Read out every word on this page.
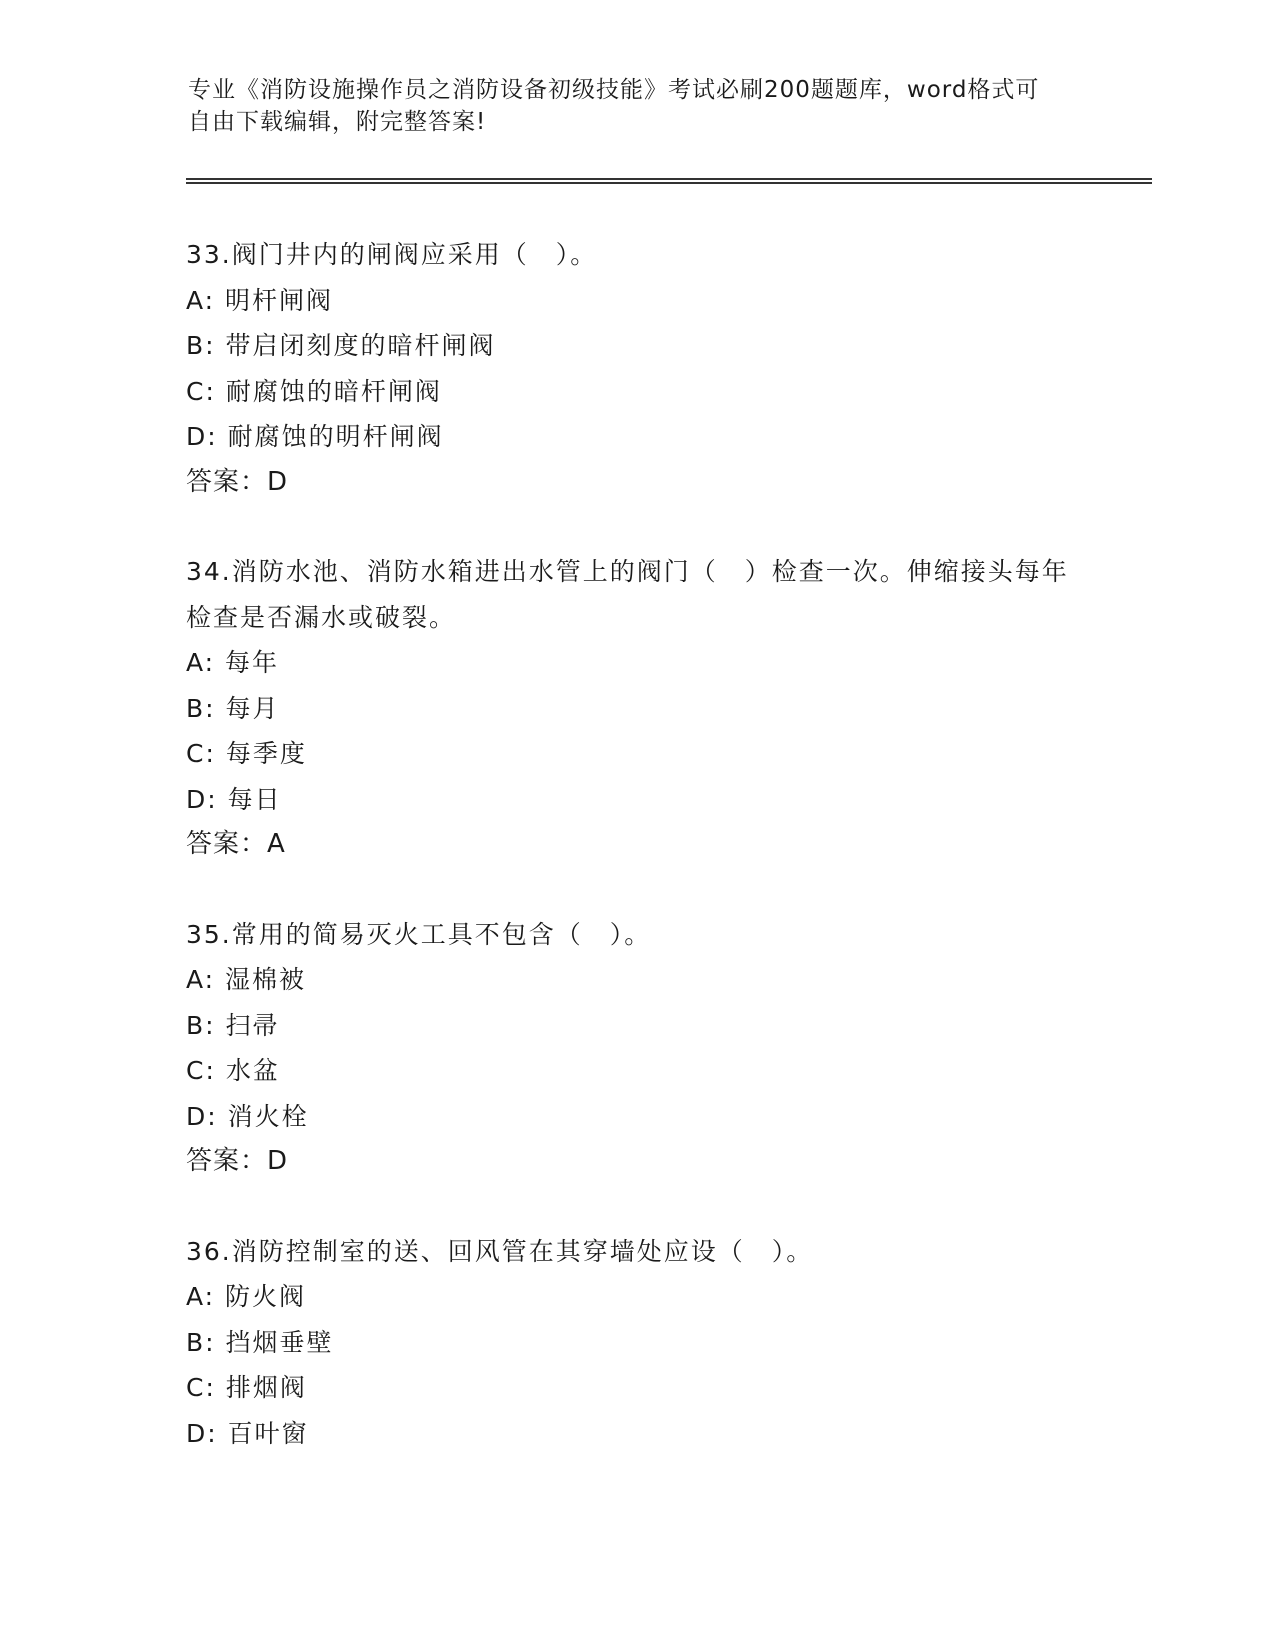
专业《消防设施操作员之消防设备初级技能》考试必刷200题题库，word格式可

自由下载编辑，附完整答案!

33.阀门井内的闸阀应采用（　）。
A: 明杆闸阀
B: 带启闭刻度的暗杆闸阀
C: 耐腐蚀的暗杆闸阀
D: 耐腐蚀的明杆闸阀
答案：D
34.消防水池、消防水箱进出水管上的阀门（　）检查一次。伸缩接头每年检查是否漏水或破裂。
A: 每年
B: 每月
C: 每季度
D: 每日
答案：A
35.常用的简易灭火工具不包含（　）。
A: 湿棉被
B: 扫帚
C: 水盆
D: 消火栓
答案：D
36.消防控制室的送、回风管在其穿墙处应设（　）。
A: 防火阀
B: 挡烟垂壁
C: 排烟阀
D: 百叶窗
